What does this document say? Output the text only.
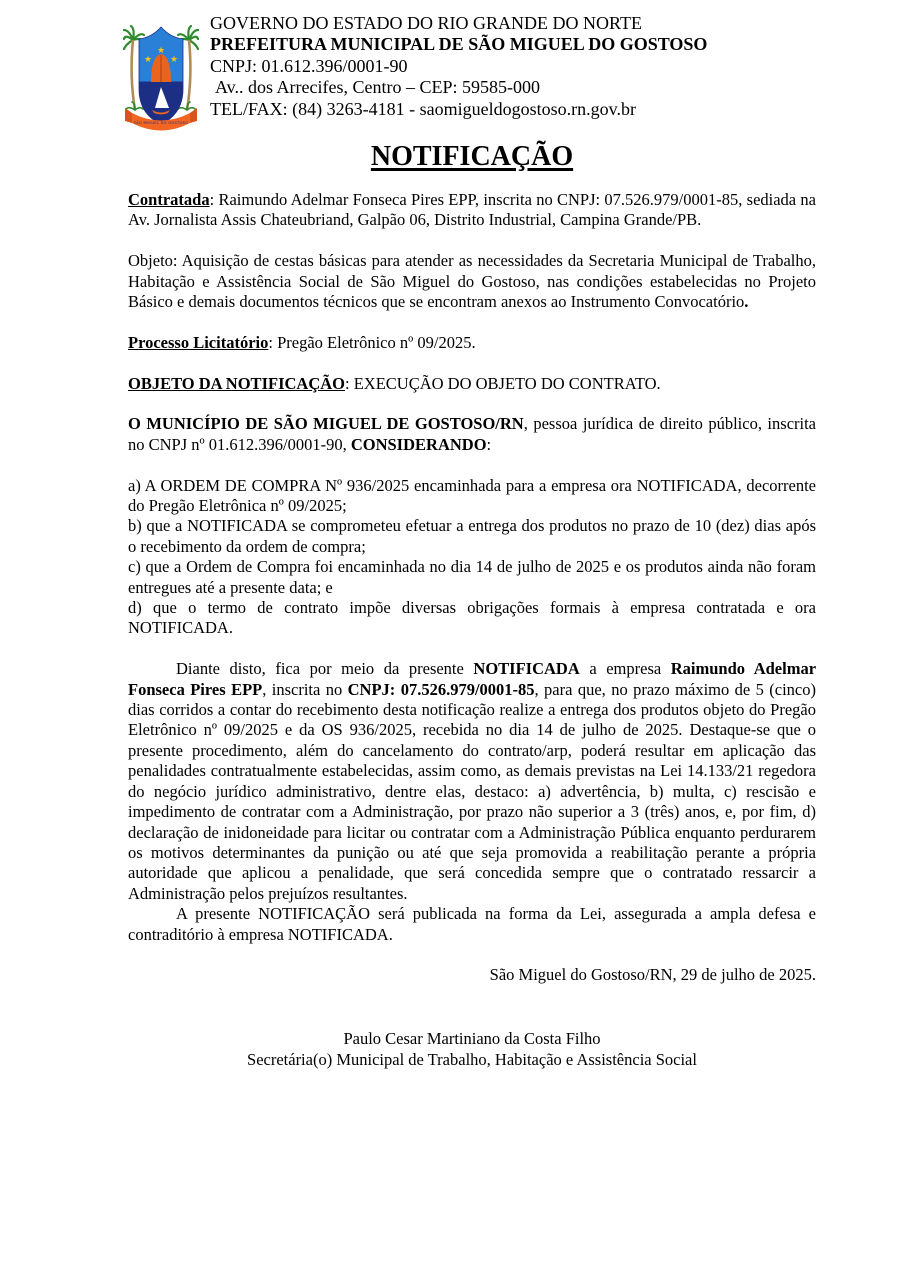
★
★
★
SÃO MIGUEL DO GOSTOSO
GOVERNO DO ESTADO DO RIO GRANDE DO NORTE
PREFEITURA MUNICIPAL DE SÃO MIGUEL DO GOSTOSO
CNPJ: 01.612.396/0001-90
Av.. dos Arrecifes, Centro – CEP: 59585-000
TEL/FAX: (84) 3263-4181 - saomigueldogostoso.rn.gov.br
NOTIFICAÇÃO
Contratada: Raimundo Adelmar Fonseca Pires EPP, inscrita no CNPJ: 07.526.979/0001-85, sediada na Av. Jornalista Assis Chateubriand, Galpão 06, Distrito Industrial, Campina Grande/PB.
Objeto: Aquisição de cestas básicas para atender as necessidades da Secretaria Municipal de Trabalho, Habitação e Assistência Social de São Miguel do Gostoso, nas condições estabelecidas no Projeto Básico e demais documentos técnicos que se encontram anexos ao Instrumento Convocatório.
Processo Licitatório: Pregão Eletrônico nº 09/2025.
OBJETO DA NOTIFICAÇÃO: EXECUÇÃO DO OBJETO DO CONTRATO.
O MUNICÍPIO DE SÃO MIGUEL DE GOSTOSO/RN, pessoa jurídica de direito público, inscrita no CNPJ nº 01.612.396/0001-90, CONSIDERANDO:
a) A ORDEM DE COMPRA Nº 936/2025 encaminhada para a empresa ora NOTIFICADA, decorrente do Pregão Eletrônica nº 09/2025;
b) que a NOTIFICADA se comprometeu efetuar a entrega dos produtos no prazo de 10 (dez) dias após o recebimento da ordem de compra;
c) que a Ordem de Compra foi encaminhada no dia 14 de julho de 2025 e os produtos ainda não foram entregues até a presente data; e
d) que o termo de contrato impõe diversas obrigações formais à empresa contratada e ora NOTIFICADA.
Diante disto, fica por meio da presente NOTIFICADA a empresa Raimundo Adelmar Fonseca Pires EPP, inscrita no CNPJ: 07.526.979/0001-85, para que, no prazo máximo de 5 (cinco) dias corridos a contar do recebimento desta notificação realize a entrega dos produtos objeto do Pregão Eletrônico nº 09/2025 e da OS 936/2025, recebida no dia 14 de julho de 2025. Destaque-se que o presente procedimento, além do cancelamento do contrato/arp, poderá resultar em aplicação das penalidades contratualmente estabelecidas, assim como, as demais previstas na Lei 14.133/21 regedora do negócio jurídico administrativo, dentre elas, destaco: a) advertência, b) multa, c) rescisão e impedimento de contratar com a Administração, por prazo não superior a 3 (três) anos, e, por fim, d) declaração de inidoneidade para licitar ou contratar com a Administração Pública enquanto perdurarem os motivos determinantes da punição ou até que seja promovida a reabilitação perante a própria autoridade que aplicou a penalidade, que será concedida sempre que o contratado ressarcir a Administração pelos prejuízos resultantes.
A presente NOTIFICAÇÃO será publicada na forma da Lei, assegurada a ampla defesa e contraditório à empresa NOTIFICADA.
São Miguel do Gostoso/RN, 29 de julho de 2025.
Paulo Cesar Martiniano da Costa Filho
Secretária(o) Municipal de Trabalho, Habitação e Assistência Social
